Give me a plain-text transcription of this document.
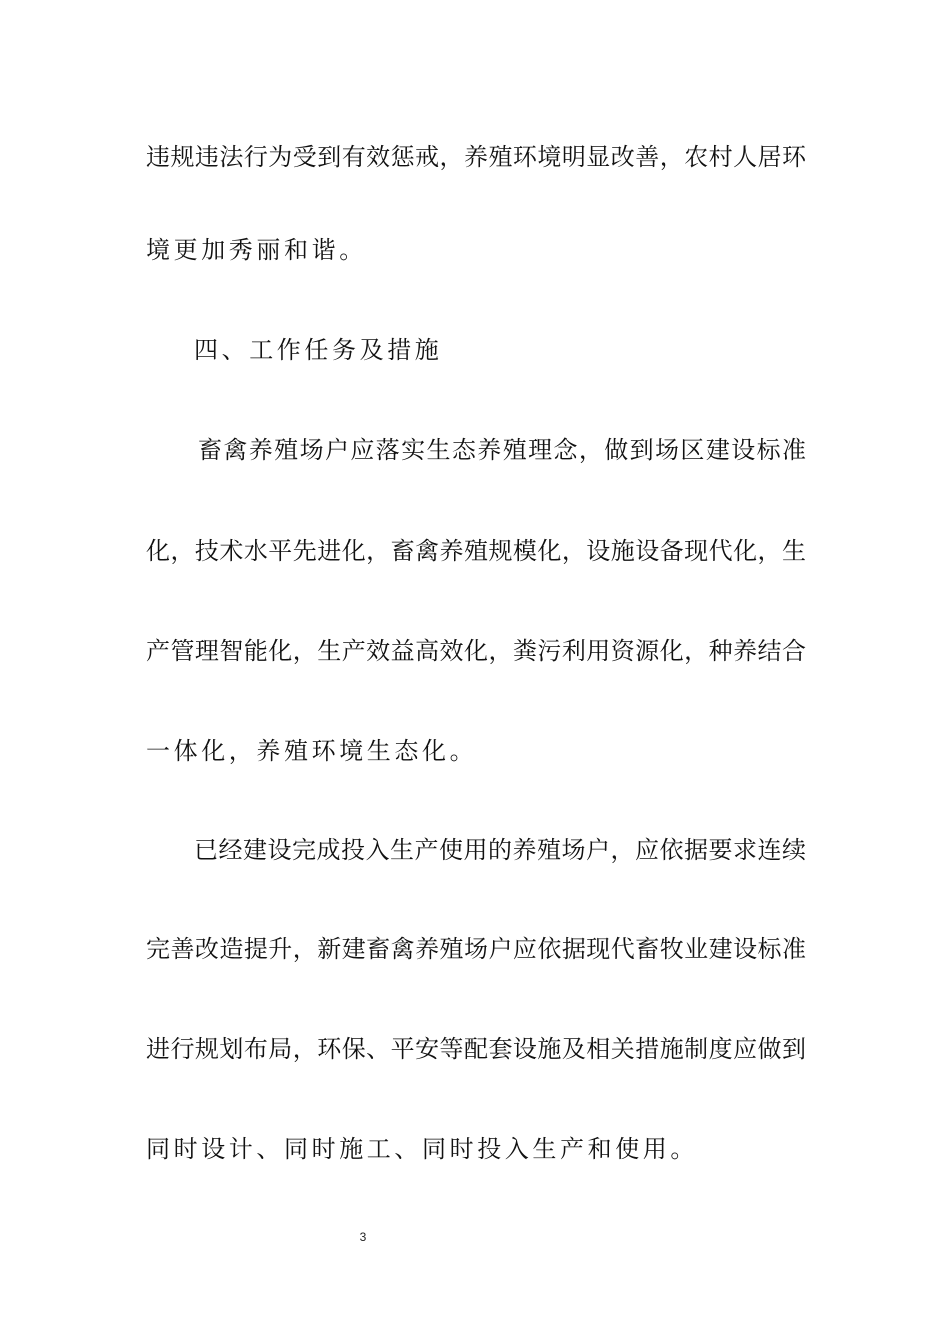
违规违法行为受到有效惩戒，养殖环境明显改善，农村人居环
境更加秀丽和谐。
四、工作任务及措施
畜禽养殖场户应落实生态养殖理念，做到场区建设标准
化，技术水平先进化，畜禽养殖规模化，设施设备现代化，生
产管理智能化，生产效益高效化，粪污利用资源化，种养结合
一体化，养殖环境生态化。
已经建设完成投入生产使用的养殖场户，应依据要求连续
完善改造提升，新建畜禽养殖场户应依据现代畜牧业建设标准
进行规划布局，环保、平安等配套设施及相关措施制度应做到
同时设计、同时施工、同时投入生产和使用。
3
